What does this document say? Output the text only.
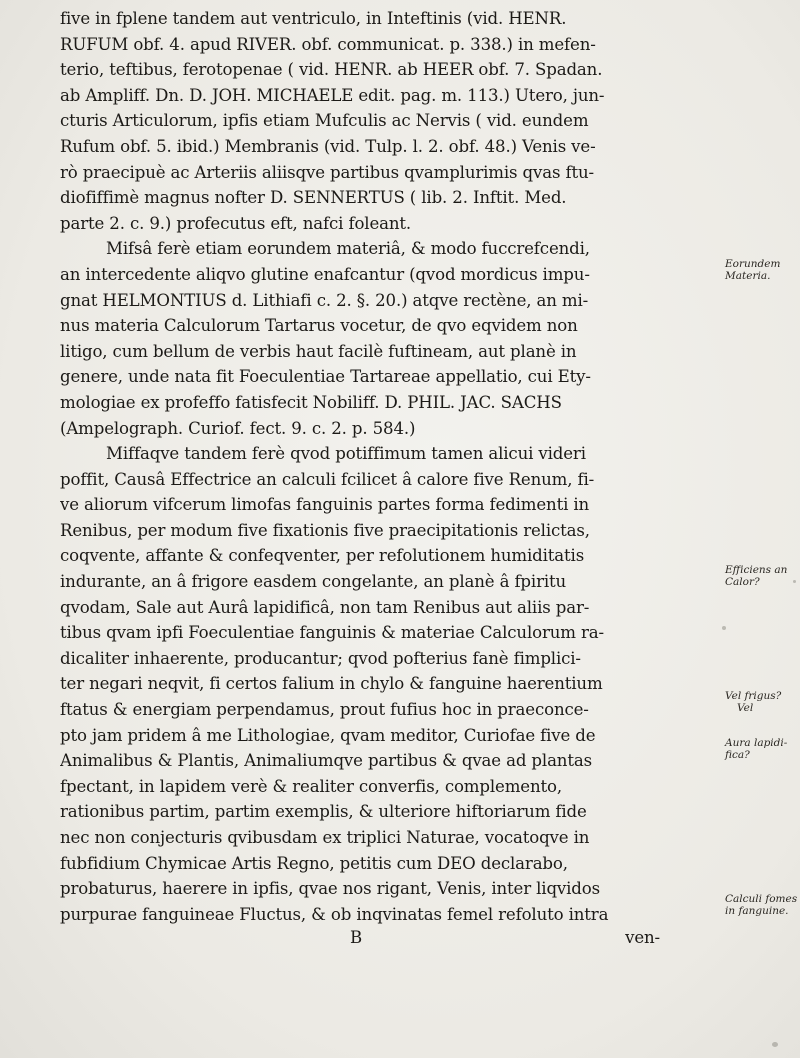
five in fplene tandem aut ventriculo, in Inteftinis (vid. HENR.
RUFUM obf. 4. apud RIVER. obf. communicat. p. 338.) in mefen-
terio, teftibus, ferotopenae ( vid. HENR. ab HEER obf. 7. Spadan.
ab Ampliff. Dn. D. JOH. MICHAELE edit. pag. m. 113.) Utero, jun-
cturis Articulorum, ipfis etiam Mufculis ac Nervis ( vid. eundem
Rufum obf. 5. ibid.) Membranis (vid. Tulp. l. 2. obf. 48.) Venis ve-
rò praecipuè ac Arteriis aliisqve partibus qvamplurimis qvas ftu-
diofiffimè magnus nofter D. SENNERTUS ( lib. 2. Inftit. Med.
parte 2. c. 9.) profecutus eft, nafci foleant.
Mifsâ ferè etiam eorundem materiâ, & modo fuccrefcendi,
an intercedente aliqvo glutine enafcantur (qvod mordicus impu-
gnat HELMONTIUS d. Lithiafi c. 2. §. 20.) atqve rectène, an mi-
nus materia Calculorum Tartarus vocetur, de qvo eqvidem non
litigo, cum bellum de verbis haut facilè fuftineam, aut planè in
genere, unde nata fit Foeculentiae Tartareae appellatio, cui Ety-
mologiae ex profeffo fatisfecit Nobiliff. D. PHIL. JAC. SACHS
(Ampelograph. Curiof. fect. 9. c. 2. p. 584.)
Miffaqve tandem ferè qvod potiffimum tamen alicui videri
poffit, Causâ Effectrice an calculi fcilicet â calore five Renum, fi-
ve aliorum vifcerum limofas fanguinis partes forma fedimenti in
Renibus, per modum five fixationis five praecipitationis relictas,
coqvente, affante & confeqventer, per refolutionem humiditatis
indurante, an â frigore easdem congelante, an planè â fpiritu
qvodam, Sale aut Aurâ lapidificâ, non tam Renibus aut aliis par-
tibus qvam ipfi Foeculentiae fanguinis & materiae Calculorum ra-
dicaliter inhaerente, producantur; qvod pofterius fanè fimplici-
ter negari neqvit, fi certos falium in chylo & fanguine haerentium
ftatus & energiam perpendamus, prout fufius hoc in praeconce-
pto jam pridem â me Lithologiae, qvam meditor, Curiofae five de
Animalibus & Plantis, Animaliumqve partibus & qvae ad plantas
fpectant, in lapidem verè & realiter converfis, complemento,
rationibus partim, partim exemplis, & ulteriore hiftoriarum fide
nec non conjecturis qvibusdam ex triplici Naturae, vocatoqve in
fubfidium Chymicae Artis Regno, petitis cum DEO declarabo,
probaturus, haerere in ipfis, qvae nos rigant, Venis, inter liqvidos
purpurae fanguineae Fluctus, & ob inqvinatas femel refoluto intra
B	ven-
Eorundem
Materia.
Efficiens an
Calor?
Vel frigus?
Vel
Aura lapidi-
fica?
Calculi fomes
in fanguine.
